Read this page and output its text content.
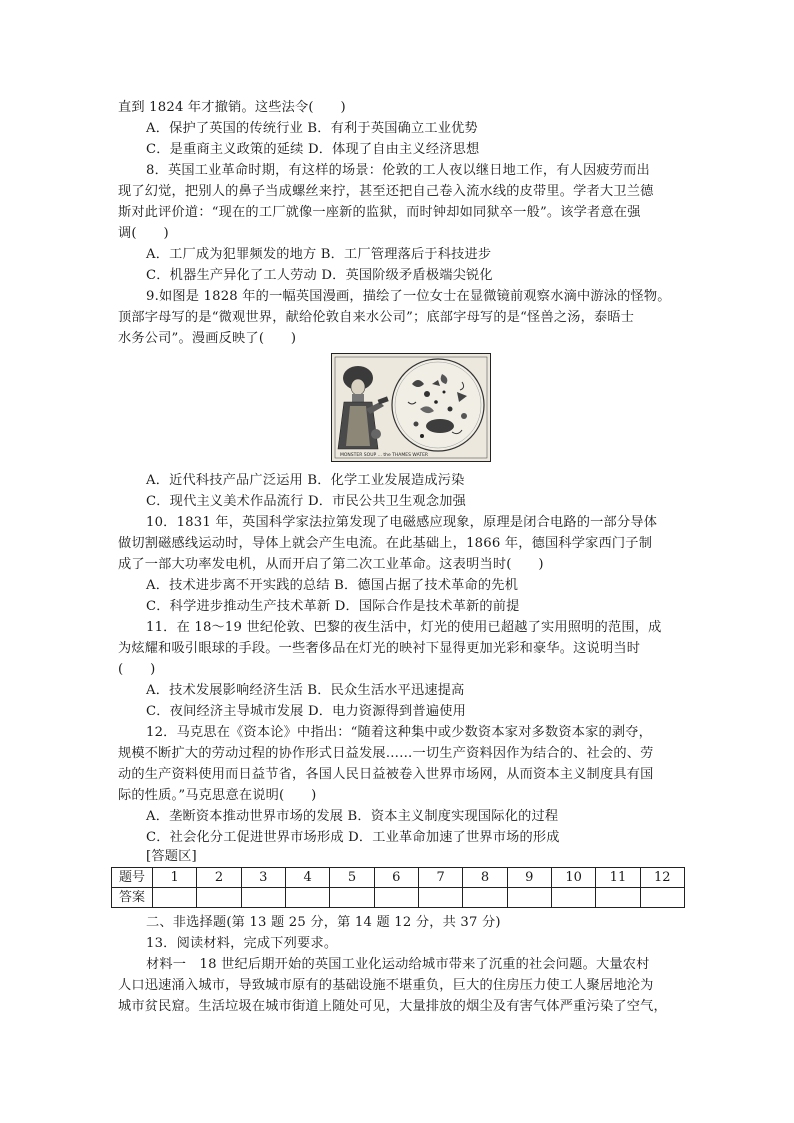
直到 1824 年才撤销。这些法令(　　)
A．保护了英国的传统行业 B．有利于英国确立工业优势
C．是重商主义政策的延续 D．体现了自由主义经济思想
8．英国工业革命时期，有这样的场景：伦敦的工人夜以继日地工作，有人因疲劳而出
现了幻觉，把别人的鼻子当成螺丝来拧，甚至还把自己卷入流水线的皮带里。学者大卫兰德
斯对此评价道：“现在的工厂就像一座新的监狱，而时钟却如同狱卒一般”。该学者意在强
调(　　)
A．工厂成为犯罪频发的地方 B．工厂管理落后于科技进步
C．机器生产异化了工人劳动 D．英国阶级矛盾极端尖锐化
9.如图是 1828 年的一幅英国漫画，描绘了一位女士在显微镜前观察水滴中游泳的怪物。
顶部字母写的是“微观世界，献给伦敦自来水公司”；底部字母写的是“怪兽之汤，泰晤士
水务公司”。漫画反映了(　　)
MONSTER SOUP ... the THAMES WATER
A．近代科技产品广泛运用 B．化学工业发展造成污染
C．现代主义美术作品流行 D．市民公共卫生观念加强
10．1831 年，英国科学家法拉第发现了电磁感应现象，原理是闭合电路的一部分导体
做切割磁感线运动时，导体上就会产生电流。在此基础上，1866 年，德国科学家西门子制
成了一部大功率发电机，从而开启了第二次工业革命。这表明当时(　　)
A．技术进步离不开实践的总结 B．德国占据了技术革命的先机
C．科学进步推动生产技术革新 D．国际合作是技术革新的前提
11．在 18～19 世纪伦敦、巴黎的夜生活中，灯光的使用已超越了实用照明的范围，成
为炫耀和吸引眼球的手段。一些奢侈品在灯光的映衬下显得更加光彩和豪华。这说明当时
(　　)
A．技术发展影响经济生活 B．民众生活水平迅速提高
C．夜间经济主导城市发展 D．电力资源得到普遍使用
12．马克思在《资本论》中指出：“随着这种集中或少数资本家对多数资本家的剥夺，
规模不断扩大的劳动过程的协作形式日益发展……一切生产资料因作为结合的、社会的、劳
动的生产资料使用而日益节省，各国人民日益被卷入世界市场网，从而资本主义制度具有国
际的性质。”马克思意在说明(　　)
A．垄断资本推动世界市场的发展 B．资本主义制度实现国际化的过程
C．社会化分工促进世界市场形成 D．工业革命加速了世界市场的形成
[答题区]
题号	1	2	3	4	5	6	7	8	9	10	11	12
答案												
二、非选择题(第 13 题 25 分，第 14 题 12 分，共 37 分)
13．阅读材料，完成下列要求。
材料一　18 世纪后期开始的英国工业化运动给城市带来了沉重的社会问题。大量农村
人口迅速涌入城市，导致城市原有的基础设施不堪重负，巨大的住房压力使工人聚居地沦为
城市贫民窟。生活垃圾在城市街道上随处可见，大量排放的烟尘及有害气体严重污染了空气，
